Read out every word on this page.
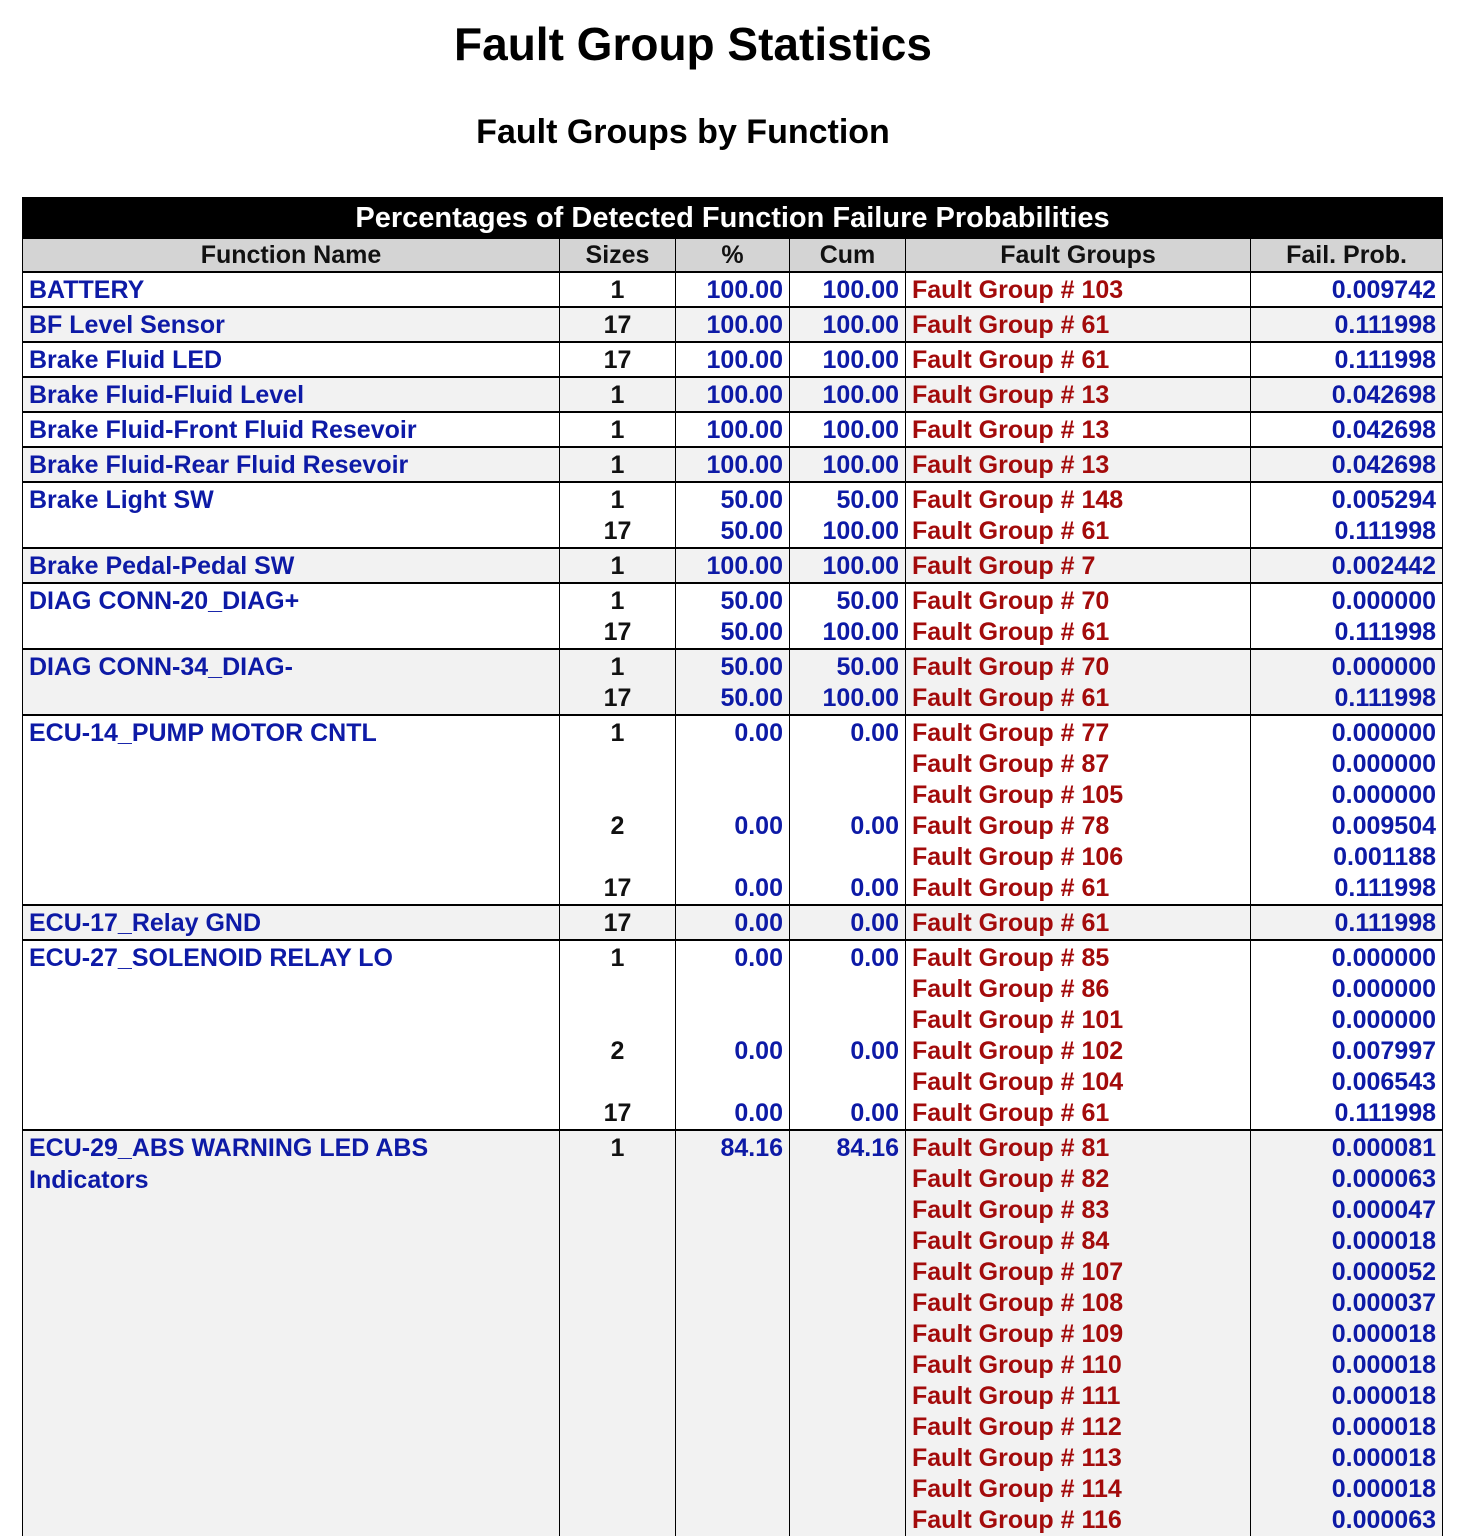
Fault Group Statistics
Fault Groups by Function
Percentages of Detected Function Failure Probabilities					
Function Name	Sizes	%	Cum	Fault Groups	Fail. Prob.
BATTERY	1	100.00	100.00	Fault Group # 103	0.009742
BF Level Sensor	17	100.00	100.00	Fault Group # 61	0.111998
Brake Fluid LED	17	100.00	100.00	Fault Group # 61	0.111998
Brake Fluid-Fluid Level	1	100.00	100.00	Fault Group # 13	0.042698
Brake Fluid-Front Fluid Resevoir	1	100.00	100.00	Fault Group # 13	0.042698
Brake Fluid-Rear Fluid Resevoir	1	100.00	100.00	Fault Group # 13	0.042698
Brake Light SW	1	50.00	50.00	Fault Group # 148	0.005294
	17	50.00	100.00	Fault Group # 61	0.111998
Brake Pedal-Pedal SW	1	100.00	100.00	Fault Group # 7	0.002442
DIAG CONN-20_DIAG+	1	50.00	50.00	Fault Group # 70	0.000000
	17	50.00	100.00	Fault Group # 61	0.111998
DIAG CONN-34_DIAG-	1	50.00	50.00	Fault Group # 70	0.000000
	17	50.00	100.00	Fault Group # 61	0.111998
ECU-14_PUMP MOTOR CNTL	1	0.00	0.00	Fault Group # 77	0.000000
				Fault Group # 87	0.000000
				Fault Group # 105	0.000000
	2	0.00	0.00	Fault Group # 78	0.009504
				Fault Group # 106	0.001188
	17	0.00	0.00	Fault Group # 61	0.111998
ECU-17_Relay GND	17	0.00	0.00	Fault Group # 61	0.111998
ECU-27_SOLENOID RELAY LO	1	0.00	0.00	Fault Group # 85	0.000000
				Fault Group # 86	0.000000
				Fault Group # 101	0.000000
	2	0.00	0.00	Fault Group # 102	0.007997
				Fault Group # 104	0.006543
	17	0.00	0.00	Fault Group # 61	0.111998
ECU-29_ABS WARNING LED ABS Indicators	1	84.16	84.16	Fault Group # 81	0.000081
				Fault Group # 82	0.000063
				Fault Group # 83	0.000047
				Fault Group # 84	0.000018
				Fault Group # 107	0.000052
				Fault Group # 108	0.000037
				Fault Group # 109	0.000018
				Fault Group # 110	0.000018
				Fault Group # 111	0.000018
				Fault Group # 112	0.000018
				Fault Group # 113	0.000018
				Fault Group # 114	0.000018
				Fault Group # 116	0.000063
